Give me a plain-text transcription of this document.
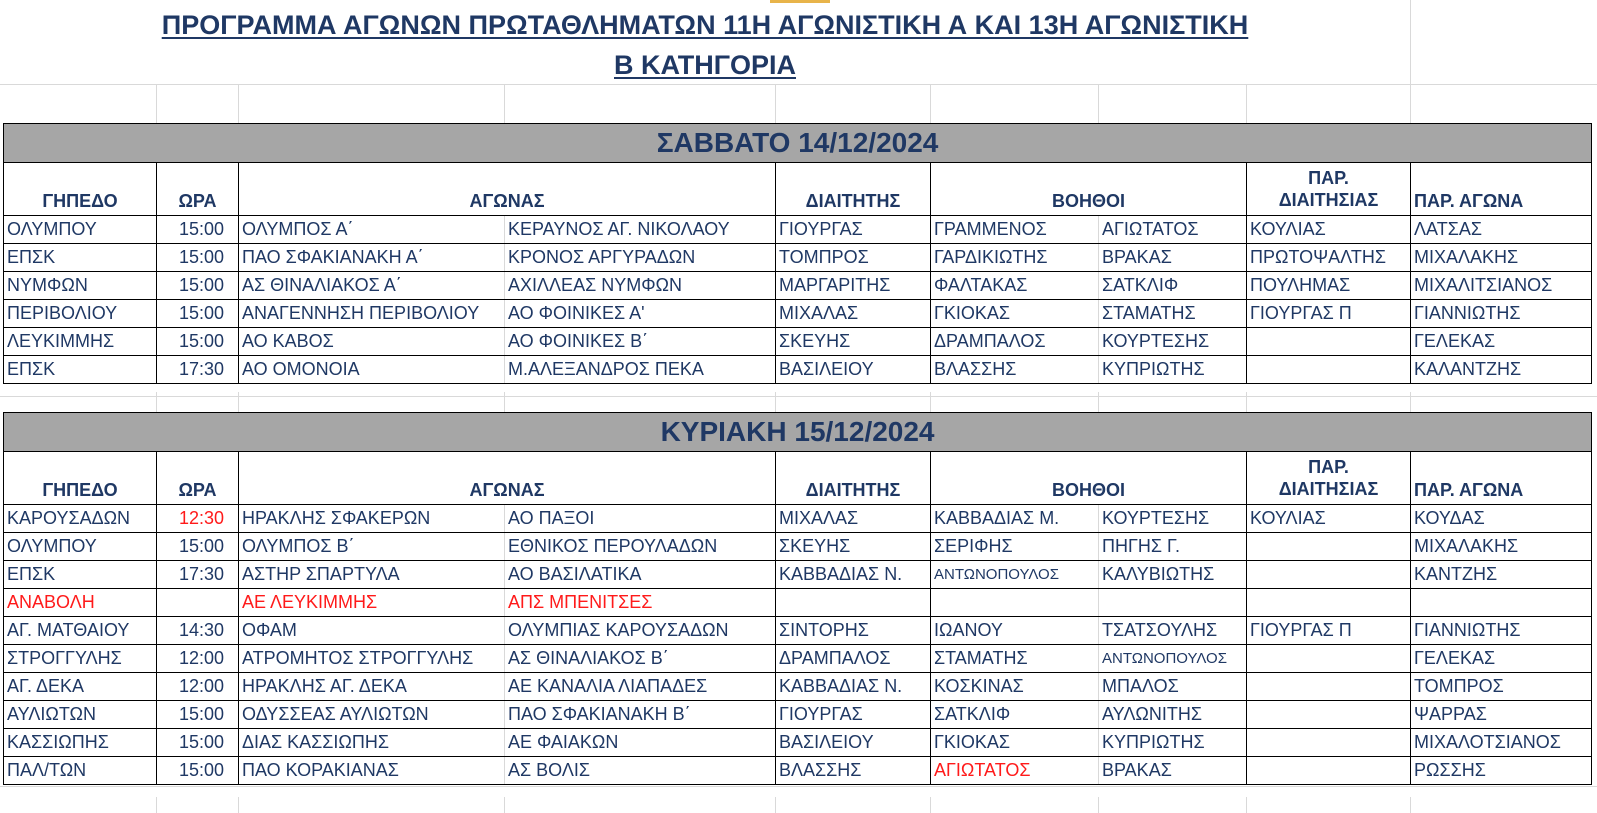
ΠΡΟΓΡΑΜΜΑ ΑΓΩΝΩΝ ΠΡΩΤΑΘΛΗΜΑΤΩΝ 11Η ΑΓΩΝΙΣΤΙΚΗ Α ΚΑΙ 13Η ΑΓΩΝΙΣΤΙΚΗ
Β ΚΑΤΗΓΟΡΙΑ
ΣΑΒΒΑΤΟ 14/12/2024								
ΓΗΠΕΔΟ	ΩΡΑ	ΑΓΩΝΑΣ		ΔΙΑΙΤΗΤΗΣ	ΒΟΗΘΟΙ		ΠΑΡ.
ΔΙΑΙΤΗΣΙΑΣ	ΠΑΡ. ΑΓΩΝΑ
ΟΛΥΜΠΟΥ	15:00	ΟΛΥΜΠΟΣ Α΄	ΚΕΡΑΥΝΟΣ ΑΓ. ΝΙΚΟΛΑΟΥ	ΓΙΟΥΡΓΑΣ	ΓΡΑΜΜΕΝΟΣ	ΑΓΙΩΤΑΤΟΣ	ΚΟΥΛΙΑΣ	ΛΑΤΣΑΣ
ΕΠΣΚ	15:00	ΠΑΟ ΣΦΑΚΙΑΝΑΚΗ Α΄	ΚΡΟΝΟΣ ΑΡΓΥΡΑΔΩΝ	ΤΟΜΠΡΟΣ	ΓΑΡΔΙΚΙΩΤΗΣ	ΒΡΑΚΑΣ	ΠΡΩΤΟΨΑΛΤΗΣ	ΜΙΧΑΛΑΚΗΣ
ΝΥΜΦΩΝ	15:00	ΑΣ ΘΙΝΑΛΙΑΚΟΣ Α΄	ΑΧΙΛΛΕΑΣ ΝΥΜΦΩΝ	ΜΑΡΓΑΡΙΤΗΣ	ΦΑΛΤΑΚΑΣ	ΣΑΤΚΛΙΦ	ΠΟΥΛΗΜΑΣ	ΜΙΧΑΛΙΤΣΙΑΝΟΣ
ΠΕΡΙΒΟΛΙΟΥ	15:00	ΑΝΑΓΕΝΝΗΣΗ ΠΕΡΙΒΟΛΙΟΥ	ΑΟ ΦΟΙΝΙΚΕΣ Α'	ΜΙΧΑΛΑΣ	ΓΚΙΟΚΑΣ	ΣΤΑΜΑΤΗΣ	ΓΙΟΥΡΓΑΣ Π	ΓΙΑΝΝΙΩΤΗΣ
ΛΕΥΚΙΜΜΗΣ	15:00	ΑΟ ΚΑΒΟΣ	ΑΟ ΦΟΙΝΙΚΕΣ Β΄	ΣΚΕΥΗΣ	ΔΡΑΜΠΑΛΟΣ	ΚΟΥΡΤΕΣΗΣ		ΓΕΛΕΚΑΣ
ΕΠΣΚ	17:30	ΑΟ ΟΜΟΝΟΙΑ	Μ.ΑΛΕΞΑΝΔΡΟΣ ΠΕΚΑ	ΒΑΣΙΛΕΙΟΥ	ΒΛΑΣΣΗΣ	ΚΥΠΡΙΩΤΗΣ		ΚΑΛΑΝΤΖΗΣ
ΚΥΡΙΑΚΗ 15/12/2024								
ΓΗΠΕΔΟ	ΩΡΑ	ΑΓΩΝΑΣ		ΔΙΑΙΤΗΤΗΣ	ΒΟΗΘΟΙ		ΠΑΡ.
ΔΙΑΙΤΗΣΙΑΣ	ΠΑΡ. ΑΓΩΝΑ
ΚΑΡΟΥΣΑΔΩΝ	12:30	ΗΡΑΚΛΗΣ ΣΦΑΚΕΡΩΝ	ΑΟ ΠΑΞΟΙ	ΜΙΧΑΛΑΣ	ΚΑΒΒΑΔΙΑΣ Μ.	ΚΟΥΡΤΕΣΗΣ	ΚΟΥΛΙΑΣ	ΚΟΥΔΑΣ
ΟΛΥΜΠΟΥ	15:00	ΟΛΥΜΠΟΣ Β΄	ΕΘΝΙΚΟΣ ΠΕΡΟΥΛΑΔΩΝ	ΣΚΕΥΗΣ	ΣΕΡΙΦΗΣ	ΠΗΓΗΣ Γ.		ΜΙΧΑΛΑΚΗΣ
ΕΠΣΚ	17:30	ΑΣΤΗΡ ΣΠΑΡΤΥΛΑ	ΑΟ ΒΑΣΙΛΑΤΙΚΑ	ΚΑΒΒΑΔΙΑΣ Ν.	ΑΝΤΩΝΟΠΟΥΛΟΣ	ΚΑΛΥΒΙΩΤΗΣ		ΚΑΝΤΖΗΣ
ΑΝΑΒΟΛΗ		ΑΕ ΛΕΥΚΙΜΜΗΣ	ΑΠΣ ΜΠΕΝΙΤΣΕΣ					
ΑΓ. ΜΑΤΘΑΙΟΥ	14:30	ΟΦΑΜ	ΟΛΥΜΠΙΑΣ ΚΑΡΟΥΣΑΔΩΝ	ΣΙΝΤΟΡΗΣ	ΙΩΑΝΟΥ	ΤΣΑΤΣΟΥΛΗΣ	ΓΙΟΥΡΓΑΣ Π	ΓΙΑΝΝΙΩΤΗΣ
ΣΤΡΟΓΓΥΛΗΣ	12:00	ΑΤΡΟΜΗΤΟΣ ΣΤΡΟΓΓΥΛΗΣ	ΑΣ ΘΙΝΑΛΙΑΚΟΣ Β΄	ΔΡΑΜΠΑΛΟΣ	ΣΤΑΜΑΤΗΣ	ΑΝΤΩΝΟΠΟΥΛΟΣ		ΓΕΛΕΚΑΣ
ΑΓ. ΔΕΚΑ	12:00	ΗΡΑΚΛΗΣ ΑΓ. ΔΕΚΑ	ΑΕ ΚΑΝΑΛΙΑ ΛΙΑΠΑΔΕΣ	ΚΑΒΒΑΔΙΑΣ Ν.	ΚΟΣΚΙΝΑΣ	ΜΠΑΛΟΣ		ΤΟΜΠΡΟΣ
ΑΥΛΙΩΤΩΝ	15:00	ΟΔΥΣΣΕΑΣ ΑΥΛΙΩΤΩΝ	ΠΑΟ ΣΦΑΚΙΑΝΑΚΗ Β΄	ΓΙΟΥΡΓΑΣ	ΣΑΤΚΛΙΦ	ΑΥΛΩΝΙΤΗΣ		ΨΑΡΡΑΣ
ΚΑΣΣΙΩΠΗΣ	15:00	ΔΙΑΣ ΚΑΣΣΙΩΠΗΣ	ΑΕ ΦΑΙΑΚΩΝ	ΒΑΣΙΛΕΙΟΥ	ΓΚΙΟΚΑΣ	ΚΥΠΡΙΩΤΗΣ		ΜΙΧΑΛΟΤΣΙΑΝΟΣ
ΠΑΛ/ΤΩΝ	15:00	ΠΑΟ ΚΟΡΑΚΙΑΝΑΣ	ΑΣ ΒΟΛΙΣ	ΒΛΑΣΣΗΣ	ΑΓΙΩΤΑΤΟΣ	ΒΡΑΚΑΣ		ΡΩΣΣΗΣ
